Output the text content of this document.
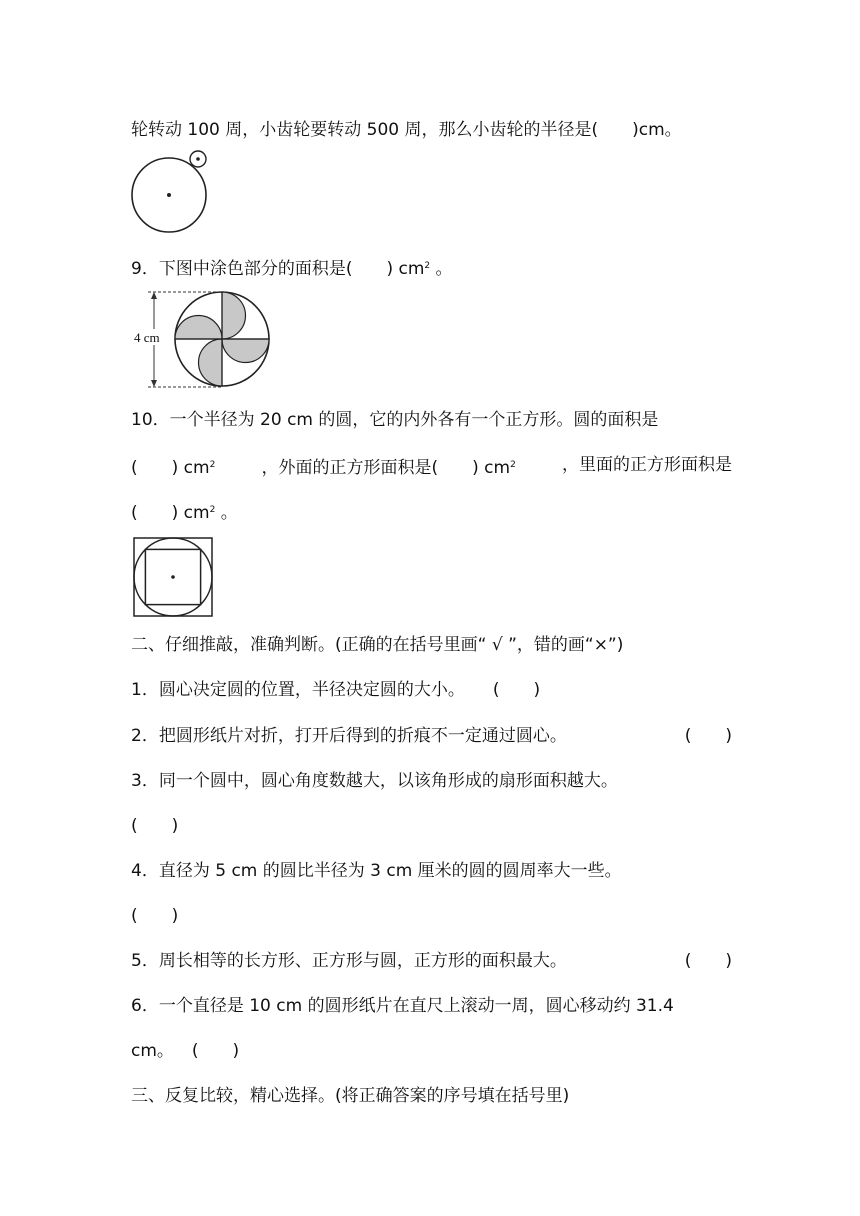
轮转动 100 周，小齿轮要转动 500 周，那么小齿轮的半径是(　　)cm。
9．下图中涂色部分的面积是(　　) $cm^2$ 。
4 cm
10．一个半径为 20 cm 的圆，它的内外各有一个正方形。圆的面积是
(　　) $cm^2$	，外面的正方形面积是(　　) $cm^2$	，里面的正方形面积是
(　　) $cm^2$ 。
二、仔细推敲，准确判断。(正确的在括号里画“ √ ”，错的画“×”)
1．圆心决定圆的位置，半径决定圆的大小。 (　　)
2．把圆形纸片对折，打开后得到的折痕不一定通过圆心。	(　　)
3．同一个圆中，圆心角度数越大，以该角形成的扇形面积越大。
(　　)
4．直径为 5 cm 的圆比半径为 3 cm 厘米的圆的圆周率大一些。
(　　)
5．周长相等的长方形、正方形与圆，正方形的面积最大。	(　　)
6．一个直径是 10 cm 的圆形纸片在直尺上滚动一周，圆心移动约 31.4
cm。 (　　)
三、反复比较，精心选择。(将正确答案的序号填在括号里)
